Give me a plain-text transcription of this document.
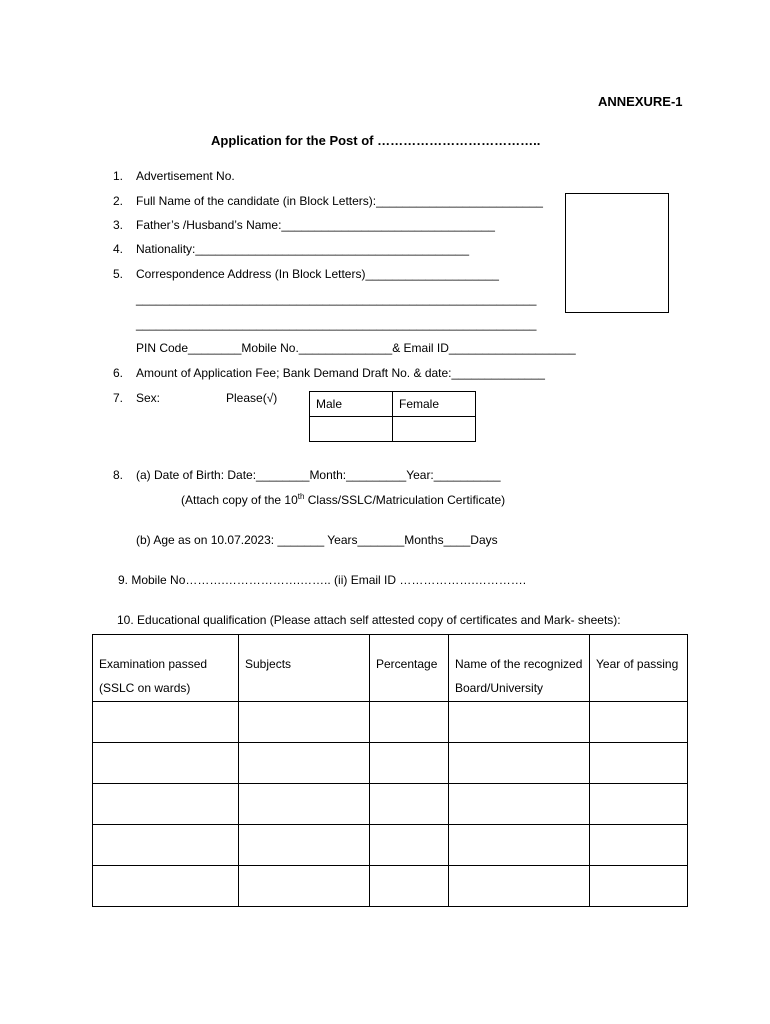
ANNEXURE-1
Application for the Post of ………………………………..
1. Advertisement No.
2. Full Name of the candidate (in Block Letters):_________________________
3. Father’s /Husband’s Name:________________________________
4. Nationality:_________________________________________
5. Correspondence Address (In Block Letters)____________________
____________________________________________________________
____________________________________________________________
PIN Code________Mobile No.______________& Email ID___________________
6. Amount of Application Fee; Bank Demand Draft No. & date:______________
7. Sex:	Please(√)	Male	Female

8. (a) Date of Birth: Date:________Month:_________Year:__________
(Attach copy of the 10th Class/SSLC/Matriculation Certificate)
(b) Age as on 10.07.2023: _______ Years_______Months____Days
9. Mobile No……….……………….…….. (ii) Email ID ……………….………….
10. Educational qualification (Please attach self attested copy of certificates and Mark- sheets):
Examination passed (SSLC on wards)	Subjects	Percentage	Name of the recognized Board/University	Year of passing
